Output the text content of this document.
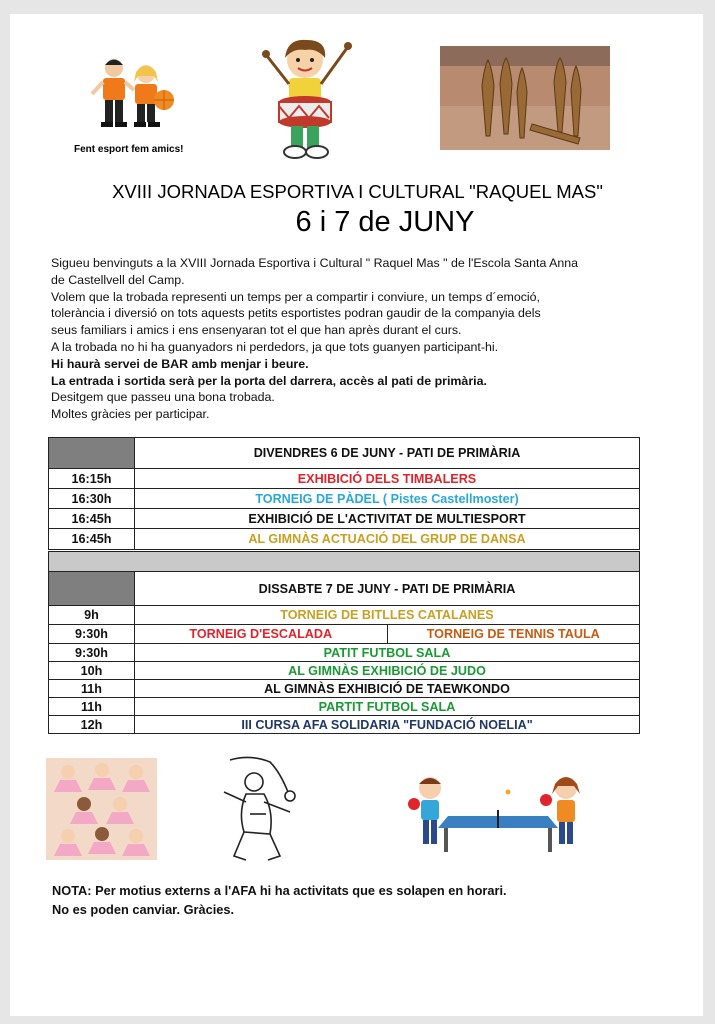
Fent esport fem amics!
XVIII JORNADA ESPORTIVA I CULTURAL "RAQUEL MAS"
6 i 7 de JUNY
Sigueu benvinguts a la XVIII Jornada Esportiva i Cultural " Raquel Mas " de l'Escola Santa Anna
de Castellvell del Camp.
Volem que la trobada representi un temps per a compartir i conviure, un temps d´emoció,
tolerància i diversió on tots aquests petits esportistes podran gaudir de la companyia dels
seus familiars i amics i ens ensenyaran tot el que han après durant el curs.
A la trobada no hi ha guanyadors ni perdedors, ja que tots guanyen participant-hi.
Hi haurà servei de BAR amb menjar i beure.
La entrada i sortida serà per la porta del darrera, accès al pati de primària.
Desitgem que passeu una bona trobada.
Moltes gràcies per participar.
	DIVENDRES 6 DE JUNY - PATI DE PRIMÀRIA
16:15h	EXHIBICIÓ DELS TIMBALERS
16:30h	TORNEIG DE PÀDEL ( Pistes Castellmoster)
16:45h	EXHIBICIÓ DE L'ACTIVITAT DE MULTIESPORT
16:45h	AL GIMNÀS ACTUACIÓ DEL GRUP DE DANSA
	DISSABTE 7 DE JUNY - PATI DE PRIMÀRIA	
9h	TORNEIG DE BITLLES CATALANES	
9:30h	TORNEIG D'ESCALADA	TORNEIG DE TENNIS TAULA
9:30h	PATIT FUTBOL SALA	
10h	AL GIMNÀS EXHIBICIÓ DE JUDO	
11h	AL GIMNÀS EXHIBICIÓ DE TAEWKONDO	
11h	PARTIT FUTBOL SALA	
12h	III CURSA AFA SOLIDARIA "FUNDACIÓ NOELIA"	
NOTA: Per motius externs a l'AFA hi ha activitats que es solapen en horari.
No es poden canviar. Gràcies.
